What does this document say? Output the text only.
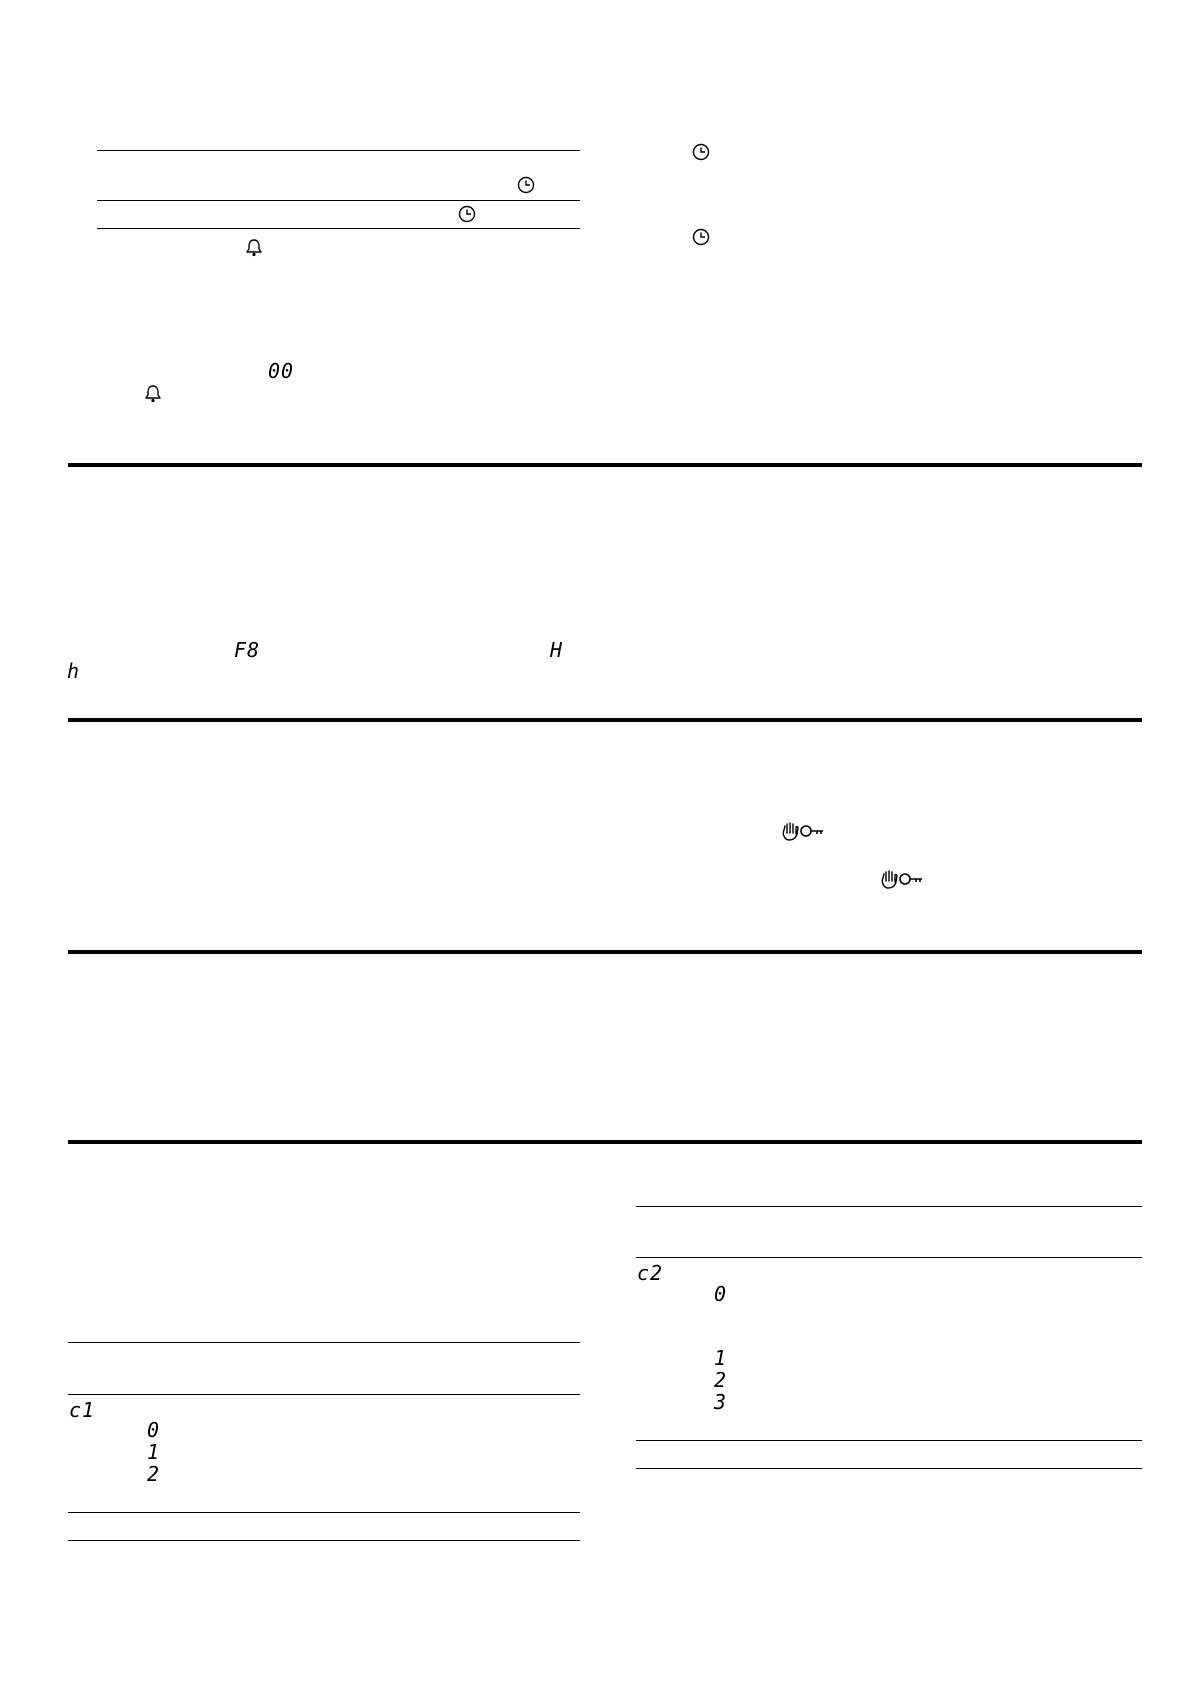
00
F8	H
h
c1
0
1
2
c2
0
1
2
3
